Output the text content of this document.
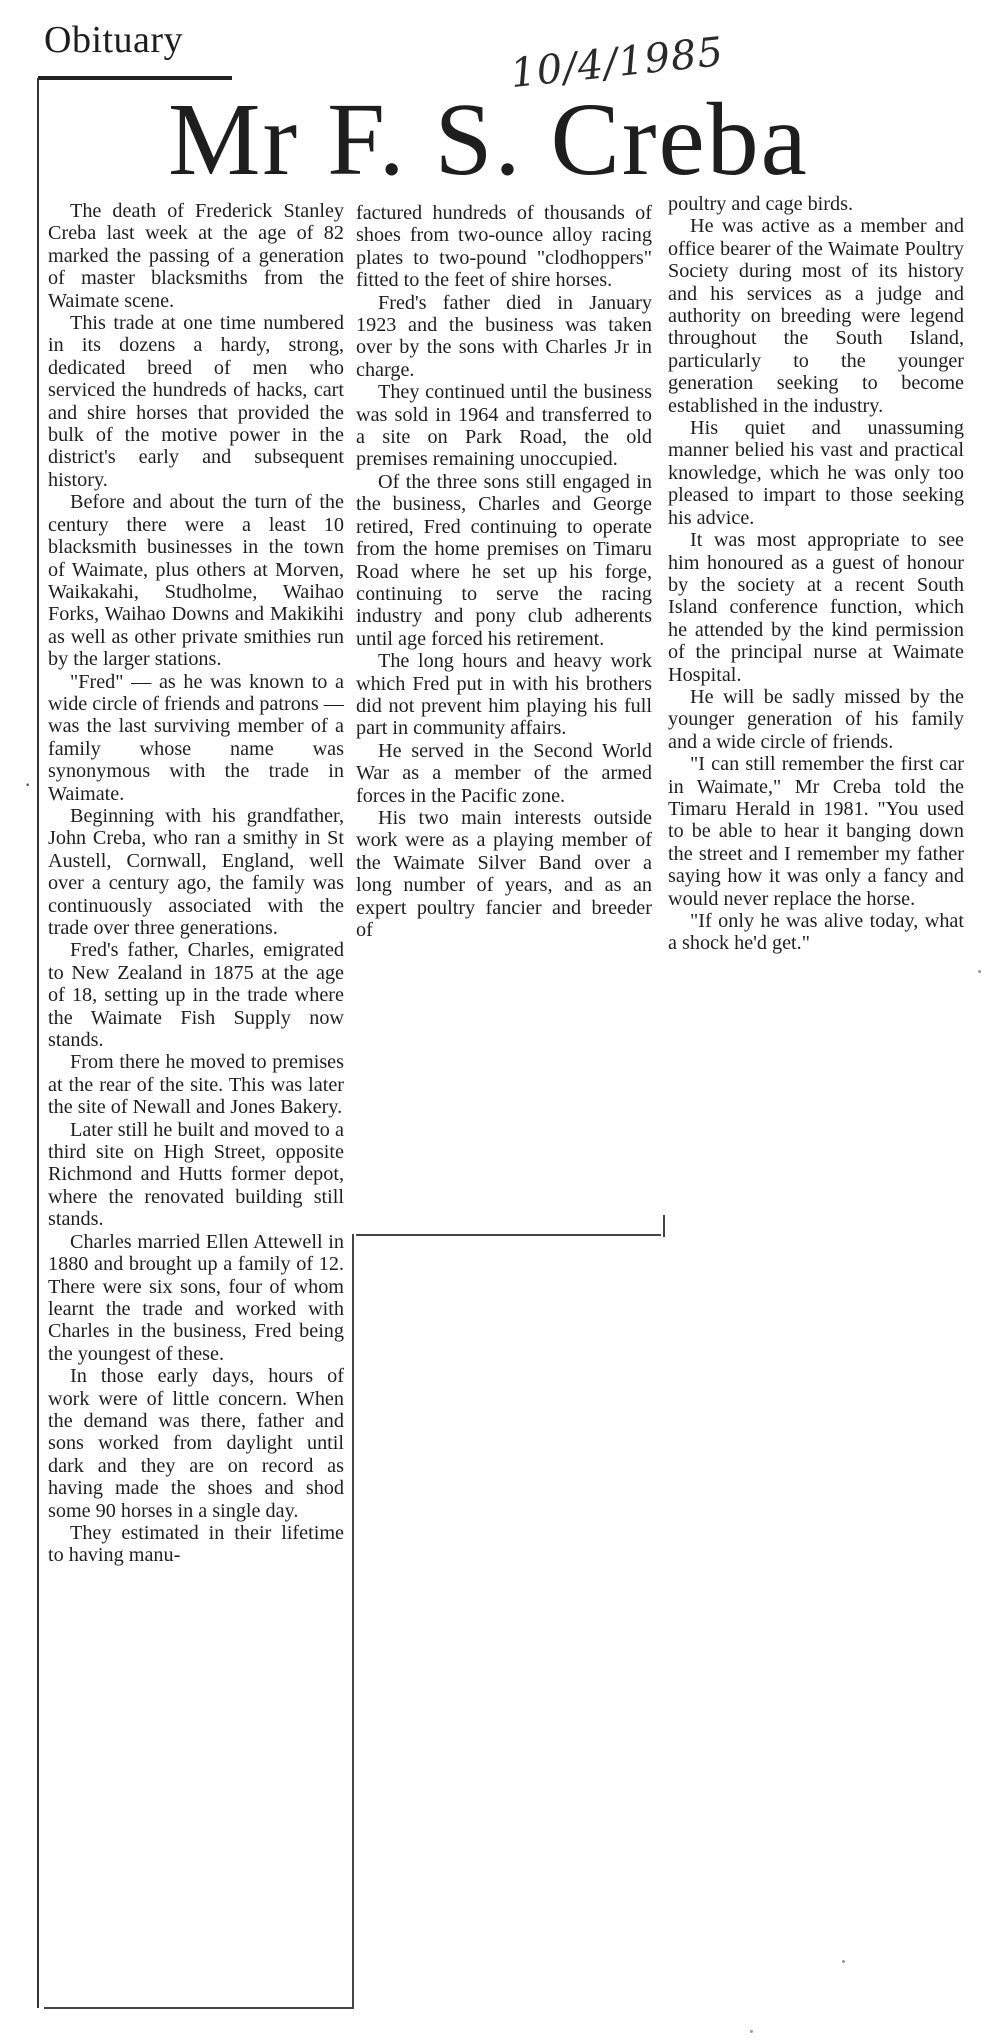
Obituary	10/4/1985
Mr F. S. Creba

The death of Frederick Stanley Creba last week at the age of 82 marked the passing of a generation of master blacksmiths from the Waimate scene.

This trade at one time numbered in its dozens a hardy, strong, dedicated breed of men who serviced the hundreds of hacks, cart and shire horses that provided the bulk of the motive power in the district's early and subsequent history.

Before and about the turn of the century there were a least 10 blacksmith businesses in the town of Waimate, plus others at Morven, Waikakahi, Studholme, Waihao Forks, Waihao Downs and Makikihi as well as other private smithies run by the larger stations.

"Fred" — as he was known to a wide circle of friends and patrons — was the last surviving member of a family whose name was synonymous with the trade in Waimate.

Beginning with his grandfather, John Creba, who ran a smithy in St Austell, Cornwall, England, well over a century ago, the family was continuously associated with the trade over three generations.

Fred's father, Charles, emigrated to New Zealand in 1875 at the age of 18, setting up in the trade where the Waimate Fish Supply now stands.

From there he moved to premises at the rear of the site. This was later the site of Newall and Jones Bakery.

Later still he built and moved to a third site on High Street, opposite Richmond and Hutts former depot, where the renovated building still stands.

Charles married Ellen Attewell in 1880 and brought up a family of 12. There were six sons, four of whom learnt the trade and worked with Charles in the business, Fred being the youngest of these.

In those early days, hours of work were of little concern. When the demand was there, father and sons worked from daylight until dark and they are on record as having made the shoes and shod some 90 horses in a single day.

They estimated in their lifetime to having manu-

factured hundreds of thousands of shoes from two-ounce alloy racing plates to two-pound "clodhoppers" fitted to the feet of shire horses.

Fred's father died in January 1923 and the business was taken over by the sons with Charles Jr in charge.

They continued until the business was sold in 1964 and transferred to a site on Park Road, the old premises remaining unoccupied.

Of the three sons still engaged in the business, Charles and George retired, Fred continuing to operate from the home premises on Timaru Road where he set up his forge, continuing to serve the racing industry and pony club adherents until age forced his retirement.

The long hours and heavy work which Fred put in with his brothers did not prevent him playing his full part in community affairs.

He served in the Second World War as a member of the armed forces in the Pacific zone.

His two main interests outside work were as a playing member of the Waimate Silver Band over a long number of years, and as an expert poultry fancier and breeder of

poultry and cage birds.

He was active as a member and office bearer of the Waimate Poultry Society during most of its history and his services as a judge and authority on breeding were legend throughout the South Island, particularly to the younger generation seeking to become established in the industry.

His quiet and unassuming manner belied his vast and practical knowledge, which he was only too pleased to impart to those seeking his advice.

It was most appropriate to see him honoured as a guest of honour by the society at a recent South Island conference function, which he attended by the kind permission of the principal nurse at Waimate Hospital.

He will be sadly missed by the younger generation of his family and a wide circle of friends.

"I can still remember the first car in Waimate," Mr Creba told the Timaru Herald in 1981. "You used to be able to hear it banging down the street and I remember my father saying how it was only a fancy and would never replace the horse.

"If only he was alive today, what a shock he'd get."

·
